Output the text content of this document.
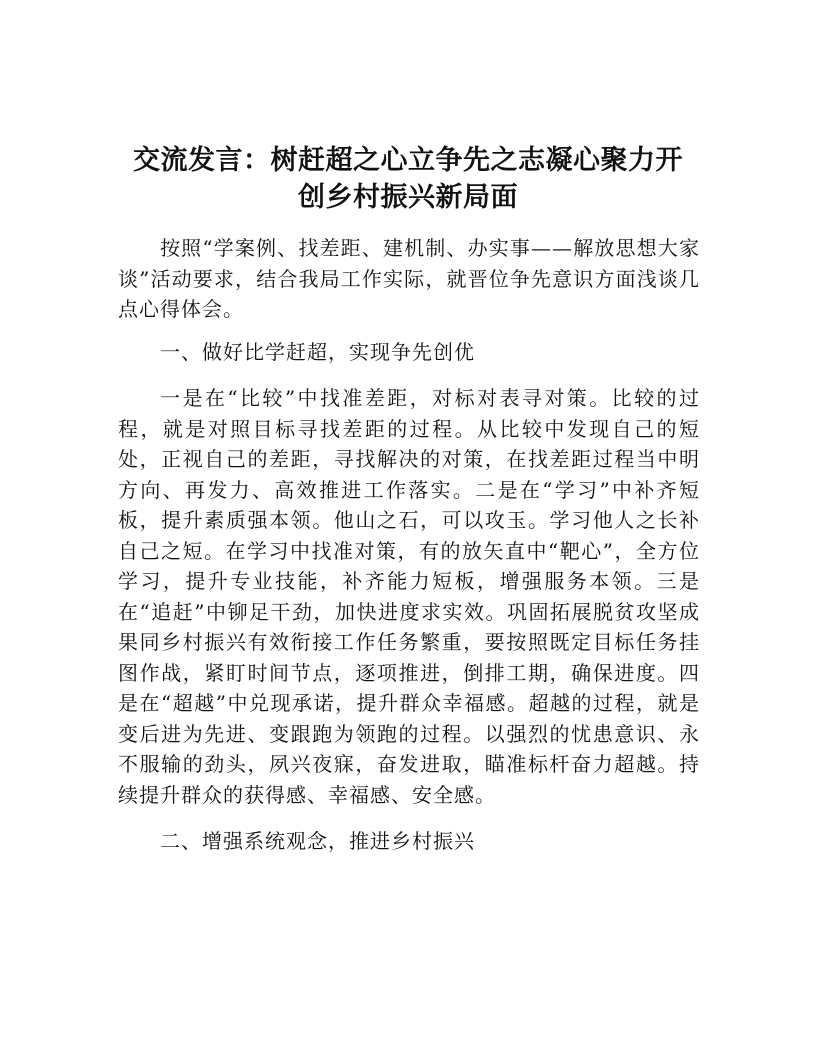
交流发言：树赶超之心立争先之志凝心聚力开
创乡村振兴新局面

按照“学案例、找差距、建机制、办实事——解放思想大家谈”活动要求，结合我局工作实际，就晋位争先意识方面浅谈几点心得体会。

一、做好比学赶超，实现争先创优

一是在“比较”中找准差距，对标对表寻对策。比较的过程，就是对照目标寻找差距的过程。从比较中发现自己的短处，正视自己的差距，寻找解决的对策，在找差距过程当中明方向、再发力、高效推进工作落实。二是在“学习”中补齐短板，提升素质强本领。他山之石，可以攻玉。学习他人之长补自己之短。在学习中找准对策，有的放矢直中“靶心”，全方位学习，提升专业技能，补齐能力短板，增强服务本领。三是在“追赶”中铆足干劲，加快进度求实效。巩固拓展脱贫攻坚成果同乡村振兴有效衔接工作任务繁重，要按照既定目标任务挂图作战，紧盯时间节点，逐项推进，倒排工期，确保进度。四是在“超越”中兑现承诺，提升群众幸福感。超越的过程，就是变后进为先进、变跟跑为领跑的过程。以强烈的忧患意识、永不服输的劲头，夙兴夜寐，奋发进取，瞄准标杆奋力超越。持续提升群众的获得感、幸福感、安全感。

二、增强系统观念，推进乡村振兴
